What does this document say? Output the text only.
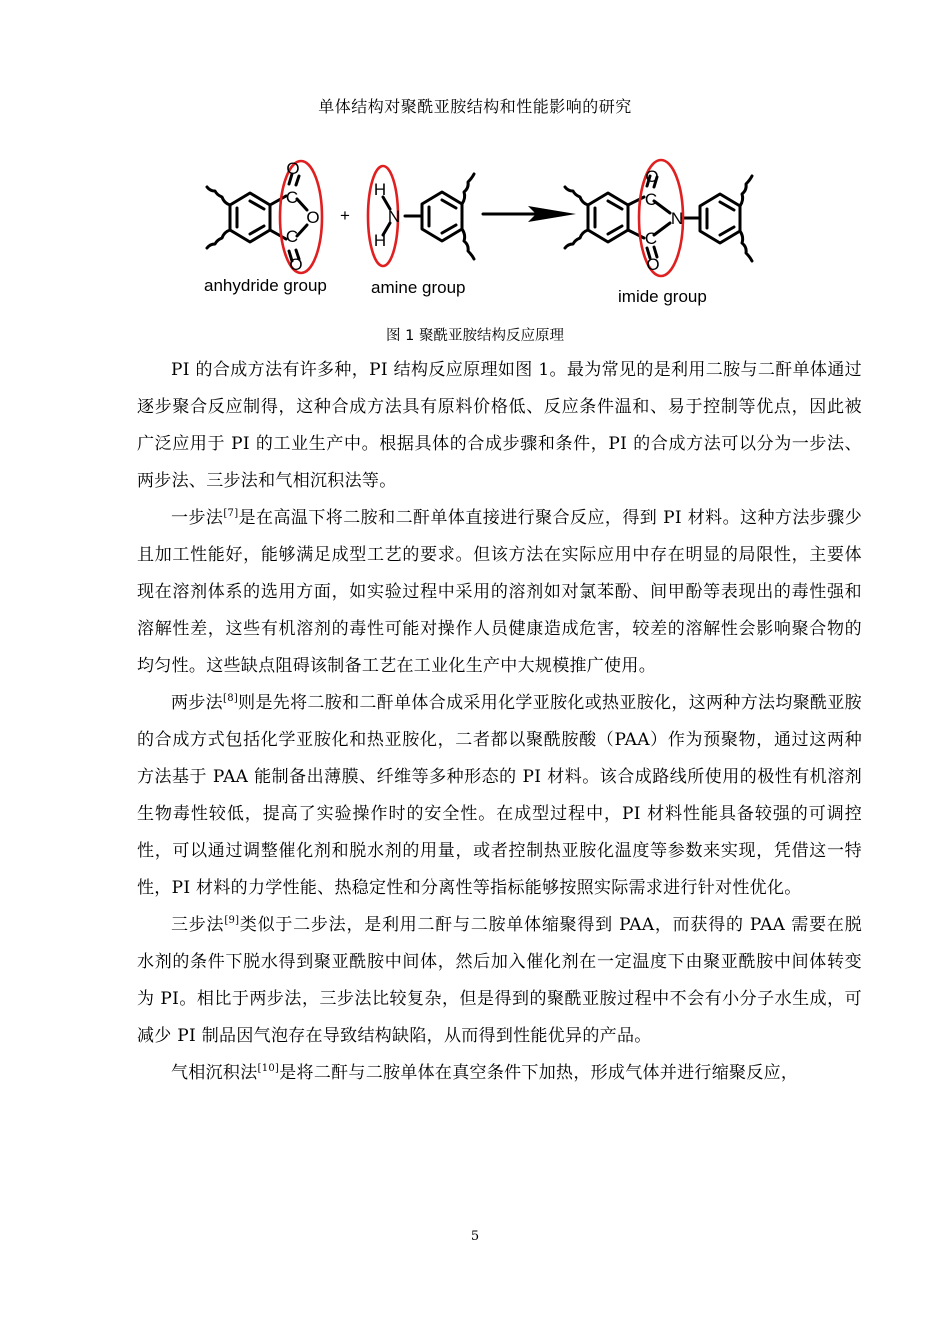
单体结构对聚酰亚胺结构和性能影响的研究
O
C
O
C
O
+
H
N
H
O
C
N
C
O
anhydride group	amine group	imide group
图 1 聚酰亚胺结构反应原理

PI 的合成方法有许多种，PI 结构反应原理如图 1。最为常见的是利用二胺与二酐单体通过逐步聚合反应制得，这种合成方法具有原料价格低、反应条件温和、易于控制等优点，因此被广泛应用于 PI 的工业生产中。根据具体的合成步骤和条件，PI 的合成方法可以分为一步法、两步法、三步法和气相沉积法等。

一步法[7]是在高温下将二胺和二酐单体直接进行聚合反应，得到 PI 材料。这种方法步骤少且加工性能好，能够满足成型工艺的要求。但该方法在实际应用中存在明显的局限性，主要体现在溶剂体系的选用方面，如实验过程中采用的溶剂如对氯苯酚、间甲酚等表现出的毒性强和溶解性差，这些有机溶剂的毒性可能对操作人员健康造成危害，较差的溶解性会影响聚合物的均匀性。这些缺点阻碍该制备工艺在工业化生产中大规模推广使用。

两步法[8]则是先将二胺和二酐单体合成采用化学亚胺化或热亚胺化，这两种方法均聚酰亚胺的合成方式包括化学亚胺化和热亚胺化，二者都以聚酰胺酸（PAA）作为预聚物，通过这两种方法基于 PAA 能制备出薄膜、纤维等多种形态的 PI 材料。该合成路线所使用的极性有机溶剂生物毒性较低，提高了实验操作时的安全性。在成型过程中，PI 材料性能具备较强的可调控性，可以通过调整催化剂和脱水剂的用量，或者控制热亚胺化温度等参数来实现，凭借这一特性，PI 材料的力学性能、热稳定性和分离性等指标能够按照实际需求进行针对性优化。

三步法[9]类似于二步法，是利用二酐与二胺单体缩聚得到 PAA，而获得的 PAA 需要在脱水剂的条件下脱水得到聚亚酰胺中间体，然后加入催化剂在一定温度下由聚亚酰胺中间体转变为 PI。相比于两步法，三步法比较复杂，但是得到的聚酰亚胺过程中不会有小分子水生成，可减少 PI 制品因气泡存在导致结构缺陷，从而得到性能优异的产品。

气相沉积法[10]是将二酐与二胺单体在真空条件下加热，形成气体并进行缩聚反应，

5
